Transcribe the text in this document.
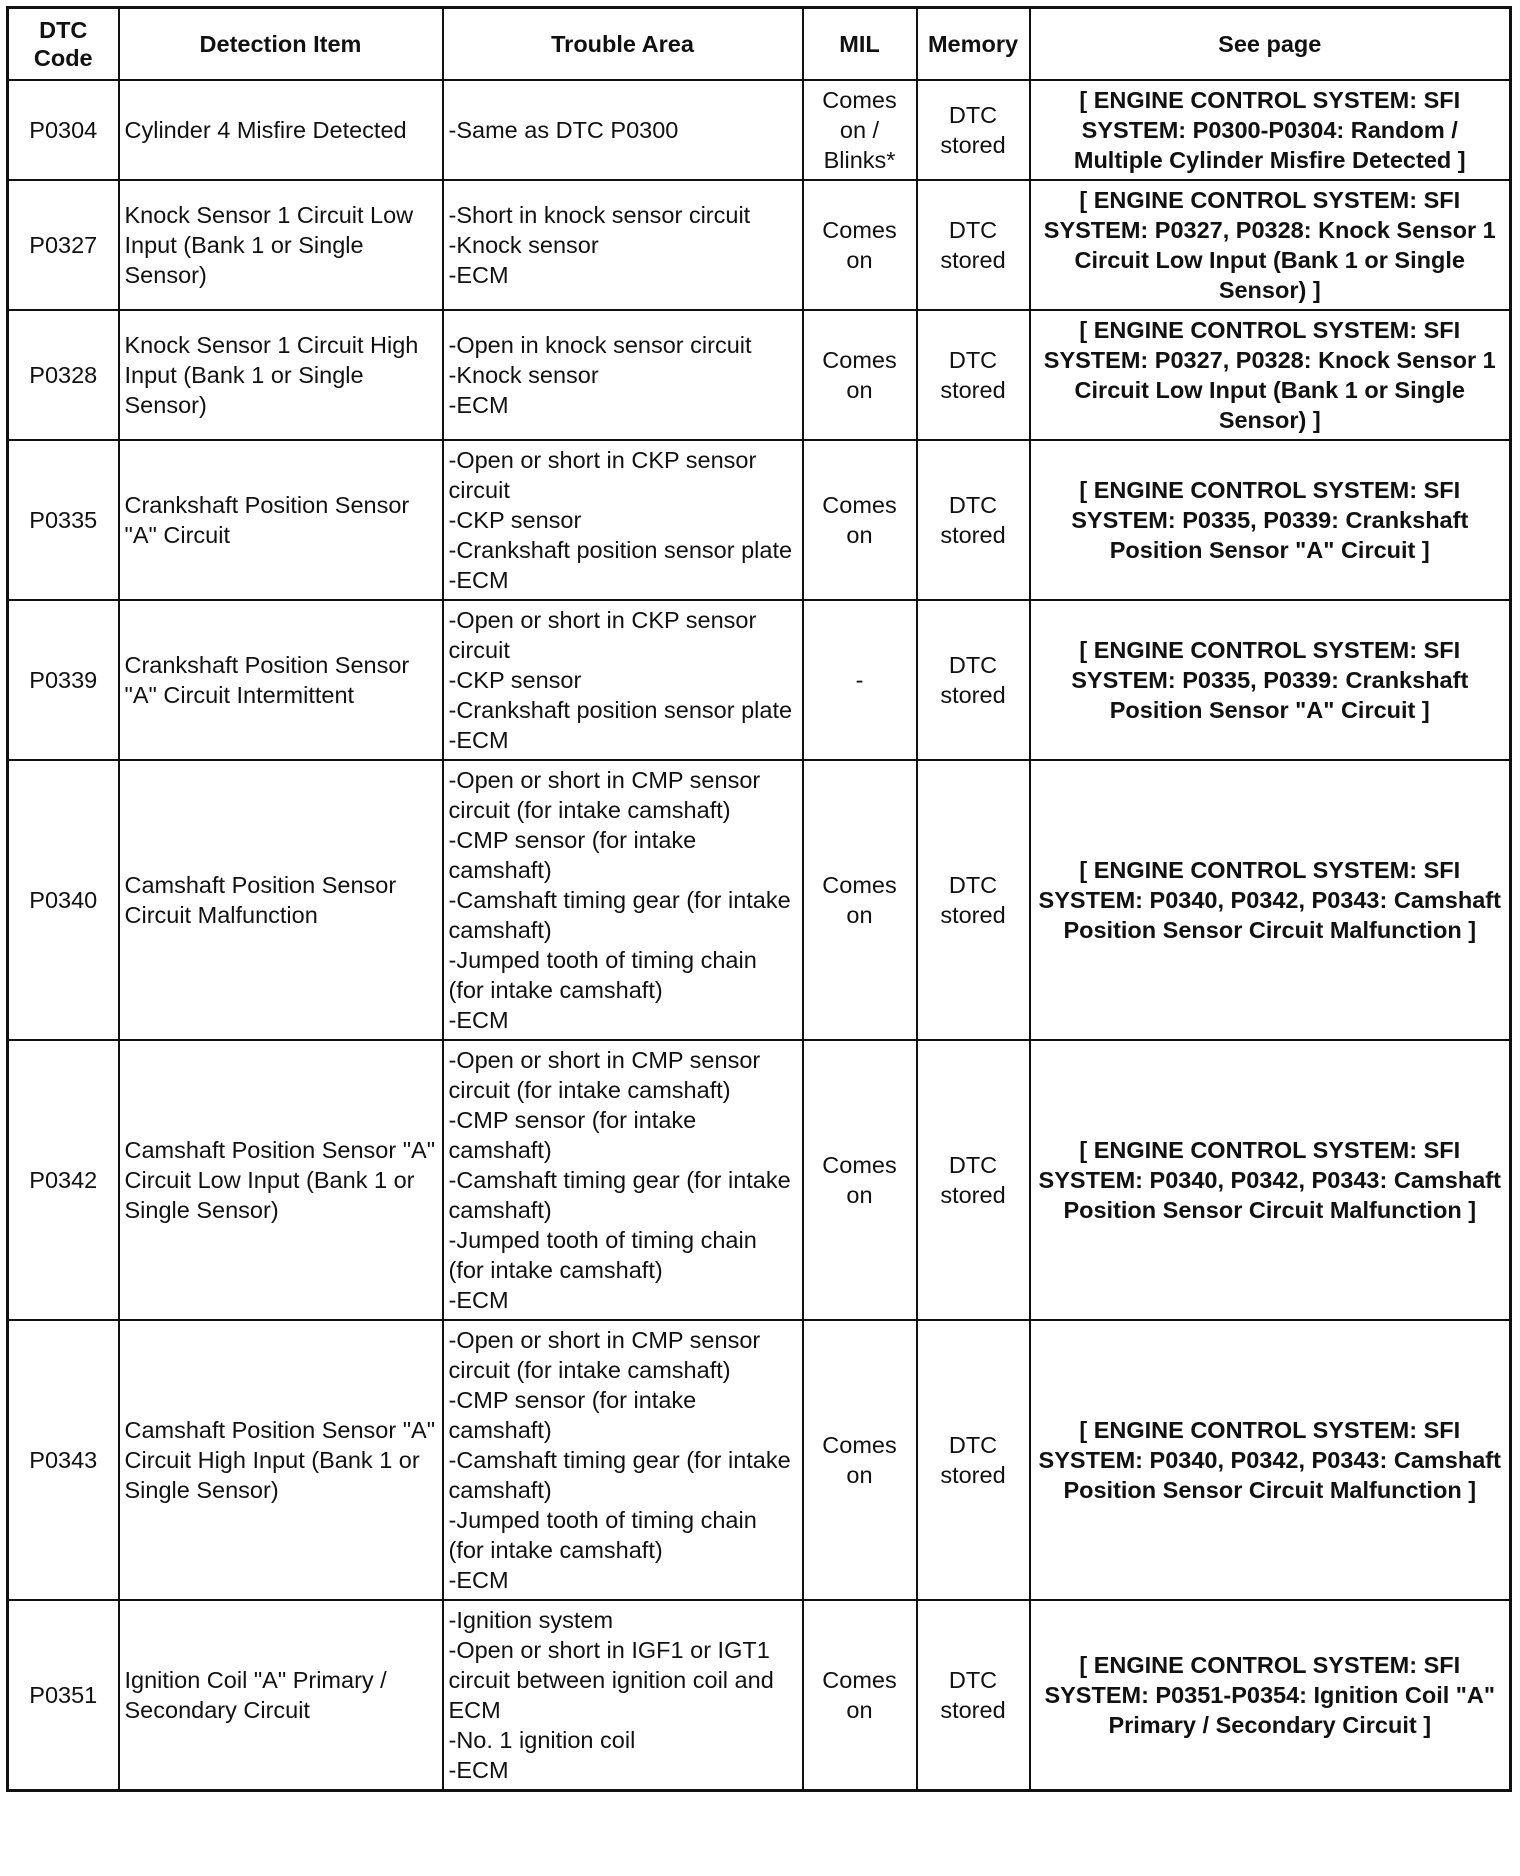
DTC Code	Detection Item	Trouble Area	MIL	Memory	See page

P0304	Cylinder 4 Misfire Detected	-Same as DTC P0300	Comes on / Blinks*	DTC stored	[ ENGINE CONTROL SYSTEM: SFI SYSTEM: P0300-P0304: Random / Multiple Cylinder Misfire Detected ]

P0327	Knock Sensor 1 Circuit Low Input (Bank 1 or Single Sensor)	-Short in knock sensor circuit
-Knock sensor
-ECM	Comes on	DTC stored	[ ENGINE CONTROL SYSTEM: SFI SYSTEM: P0327, P0328: Knock Sensor 1 Circuit Low Input (Bank 1 or Single Sensor) ]

P0328	Knock Sensor 1 Circuit High Input (Bank 1 or Single Sensor)	-Open in knock sensor circuit
-Knock sensor
-ECM	Comes on	DTC stored	[ ENGINE CONTROL SYSTEM: SFI SYSTEM: P0327, P0328: Knock Sensor 1 Circuit Low Input (Bank 1 or Single Sensor) ]

P0335	Crankshaft Position Sensor "A" Circuit	-Open or short in CKP sensor circuit
-CKP sensor
-Crankshaft position sensor plate
-ECM	Comes on	DTC stored	[ ENGINE CONTROL SYSTEM: SFI SYSTEM: P0335, P0339: Crankshaft Position Sensor "A" Circuit ]

P0339	Crankshaft Position Sensor "A" Circuit Intermittent	-Open or short in CKP sensor circuit
-CKP sensor
-Crankshaft position sensor plate
-ECM	-	DTC stored	[ ENGINE CONTROL SYSTEM: SFI SYSTEM: P0335, P0339: Crankshaft Position Sensor "A" Circuit ]

P0340	Camshaft Position Sensor Circuit Malfunction	-Open or short in CMP sensor circuit (for intake camshaft)
-CMP sensor (for intake camshaft)
-Camshaft timing gear (for intake camshaft)
-Jumped tooth of timing chain (for intake camshaft)
-ECM	Comes on	DTC stored	[ ENGINE CONTROL SYSTEM: SFI SYSTEM: P0340, P0342, P0343: Camshaft Position Sensor Circuit Malfunction ]

P0342	Camshaft Position Sensor "A" Circuit Low Input (Bank 1 or Single Sensor)	-Open or short in CMP sensor circuit (for intake camshaft)
-CMP sensor (for intake camshaft)
-Camshaft timing gear (for intake camshaft)
-Jumped tooth of timing chain (for intake camshaft)
-ECM	Comes on	DTC stored	[ ENGINE CONTROL SYSTEM: SFI SYSTEM: P0340, P0342, P0343: Camshaft Position Sensor Circuit Malfunction ]

P0343	Camshaft Position Sensor "A" Circuit High Input (Bank 1 or Single Sensor)	-Open or short in CMP sensor circuit (for intake camshaft)
-CMP sensor (for intake camshaft)
-Camshaft timing gear (for intake camshaft)
-Jumped tooth of timing chain (for intake camshaft)
-ECM	Comes on	DTC stored	[ ENGINE CONTROL SYSTEM: SFI SYSTEM: P0340, P0342, P0343: Camshaft Position Sensor Circuit Malfunction ]

P0351	Ignition Coil "A" Primary / Secondary Circuit	-Ignition system
-Open or short in IGF1 or IGT1 circuit between ignition coil and ECM
-No. 1 ignition coil
-ECM	Comes on	DTC stored	[ ENGINE CONTROL SYSTEM: SFI SYSTEM: P0351-P0354: Ignition Coil "A" Primary / Secondary Circuit ]
